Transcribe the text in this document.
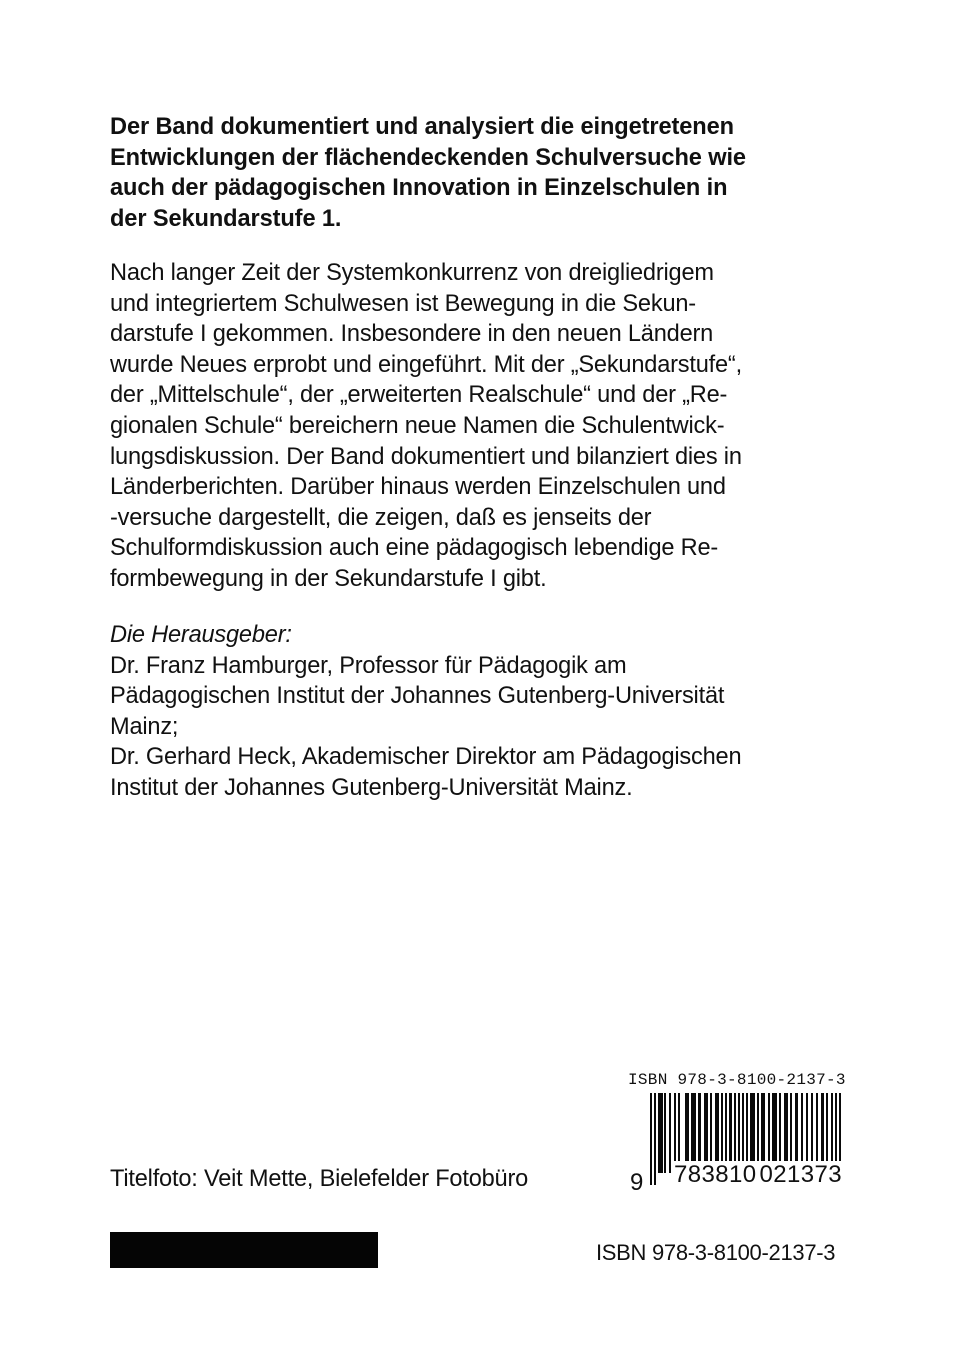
Der Band dokumentiert und analysiert die eingetretenen
Entwicklungen der flächendeckenden Schulversuche wie
auch der pädagogischen Innovation in Einzelschulen in
der Sekundarstufe 1.
Nach langer Zeit der Systemkonkurrenz von dreigliedrigem
und integriertem Schulwesen ist Bewegung in die Sekun-
darstufe I gekommen. Insbesondere in den neuen Ländern
wurde Neues erprobt und eingeführt. Mit der „Sekundarstufe“,
der „Mittelschule“, der „erweiterten Realschule“ und der „Re-
gionalen Schule“ bereichern neue Namen die Schulentwick-
lungsdiskussion. Der Band dokumentiert und bilanziert dies in
Länderberichten. Darüber hinaus werden Einzelschulen und
-versuche dargestellt, die zeigen, daß es jenseits der
Schulformdiskussion auch eine pädagogisch lebendige Re-
formbewegung in der Sekundarstufe I gibt.
Die Herausgeber:
Dr. Franz Hamburger, Professor für Pädagogik am
Pädagogischen Institut der Johannes Gutenberg-Universität
Mainz;
Dr. Gerhard Heck, Akademischer Direktor am Pädagogischen
Institut der Johannes Gutenberg-Universität Mainz.
Titelfoto: Veit Mette, Bielefelder Fotobüro
ISBN 978-3-8100-2137-3
9 783810 021373
ISBN 978-3-8100-2137-3
